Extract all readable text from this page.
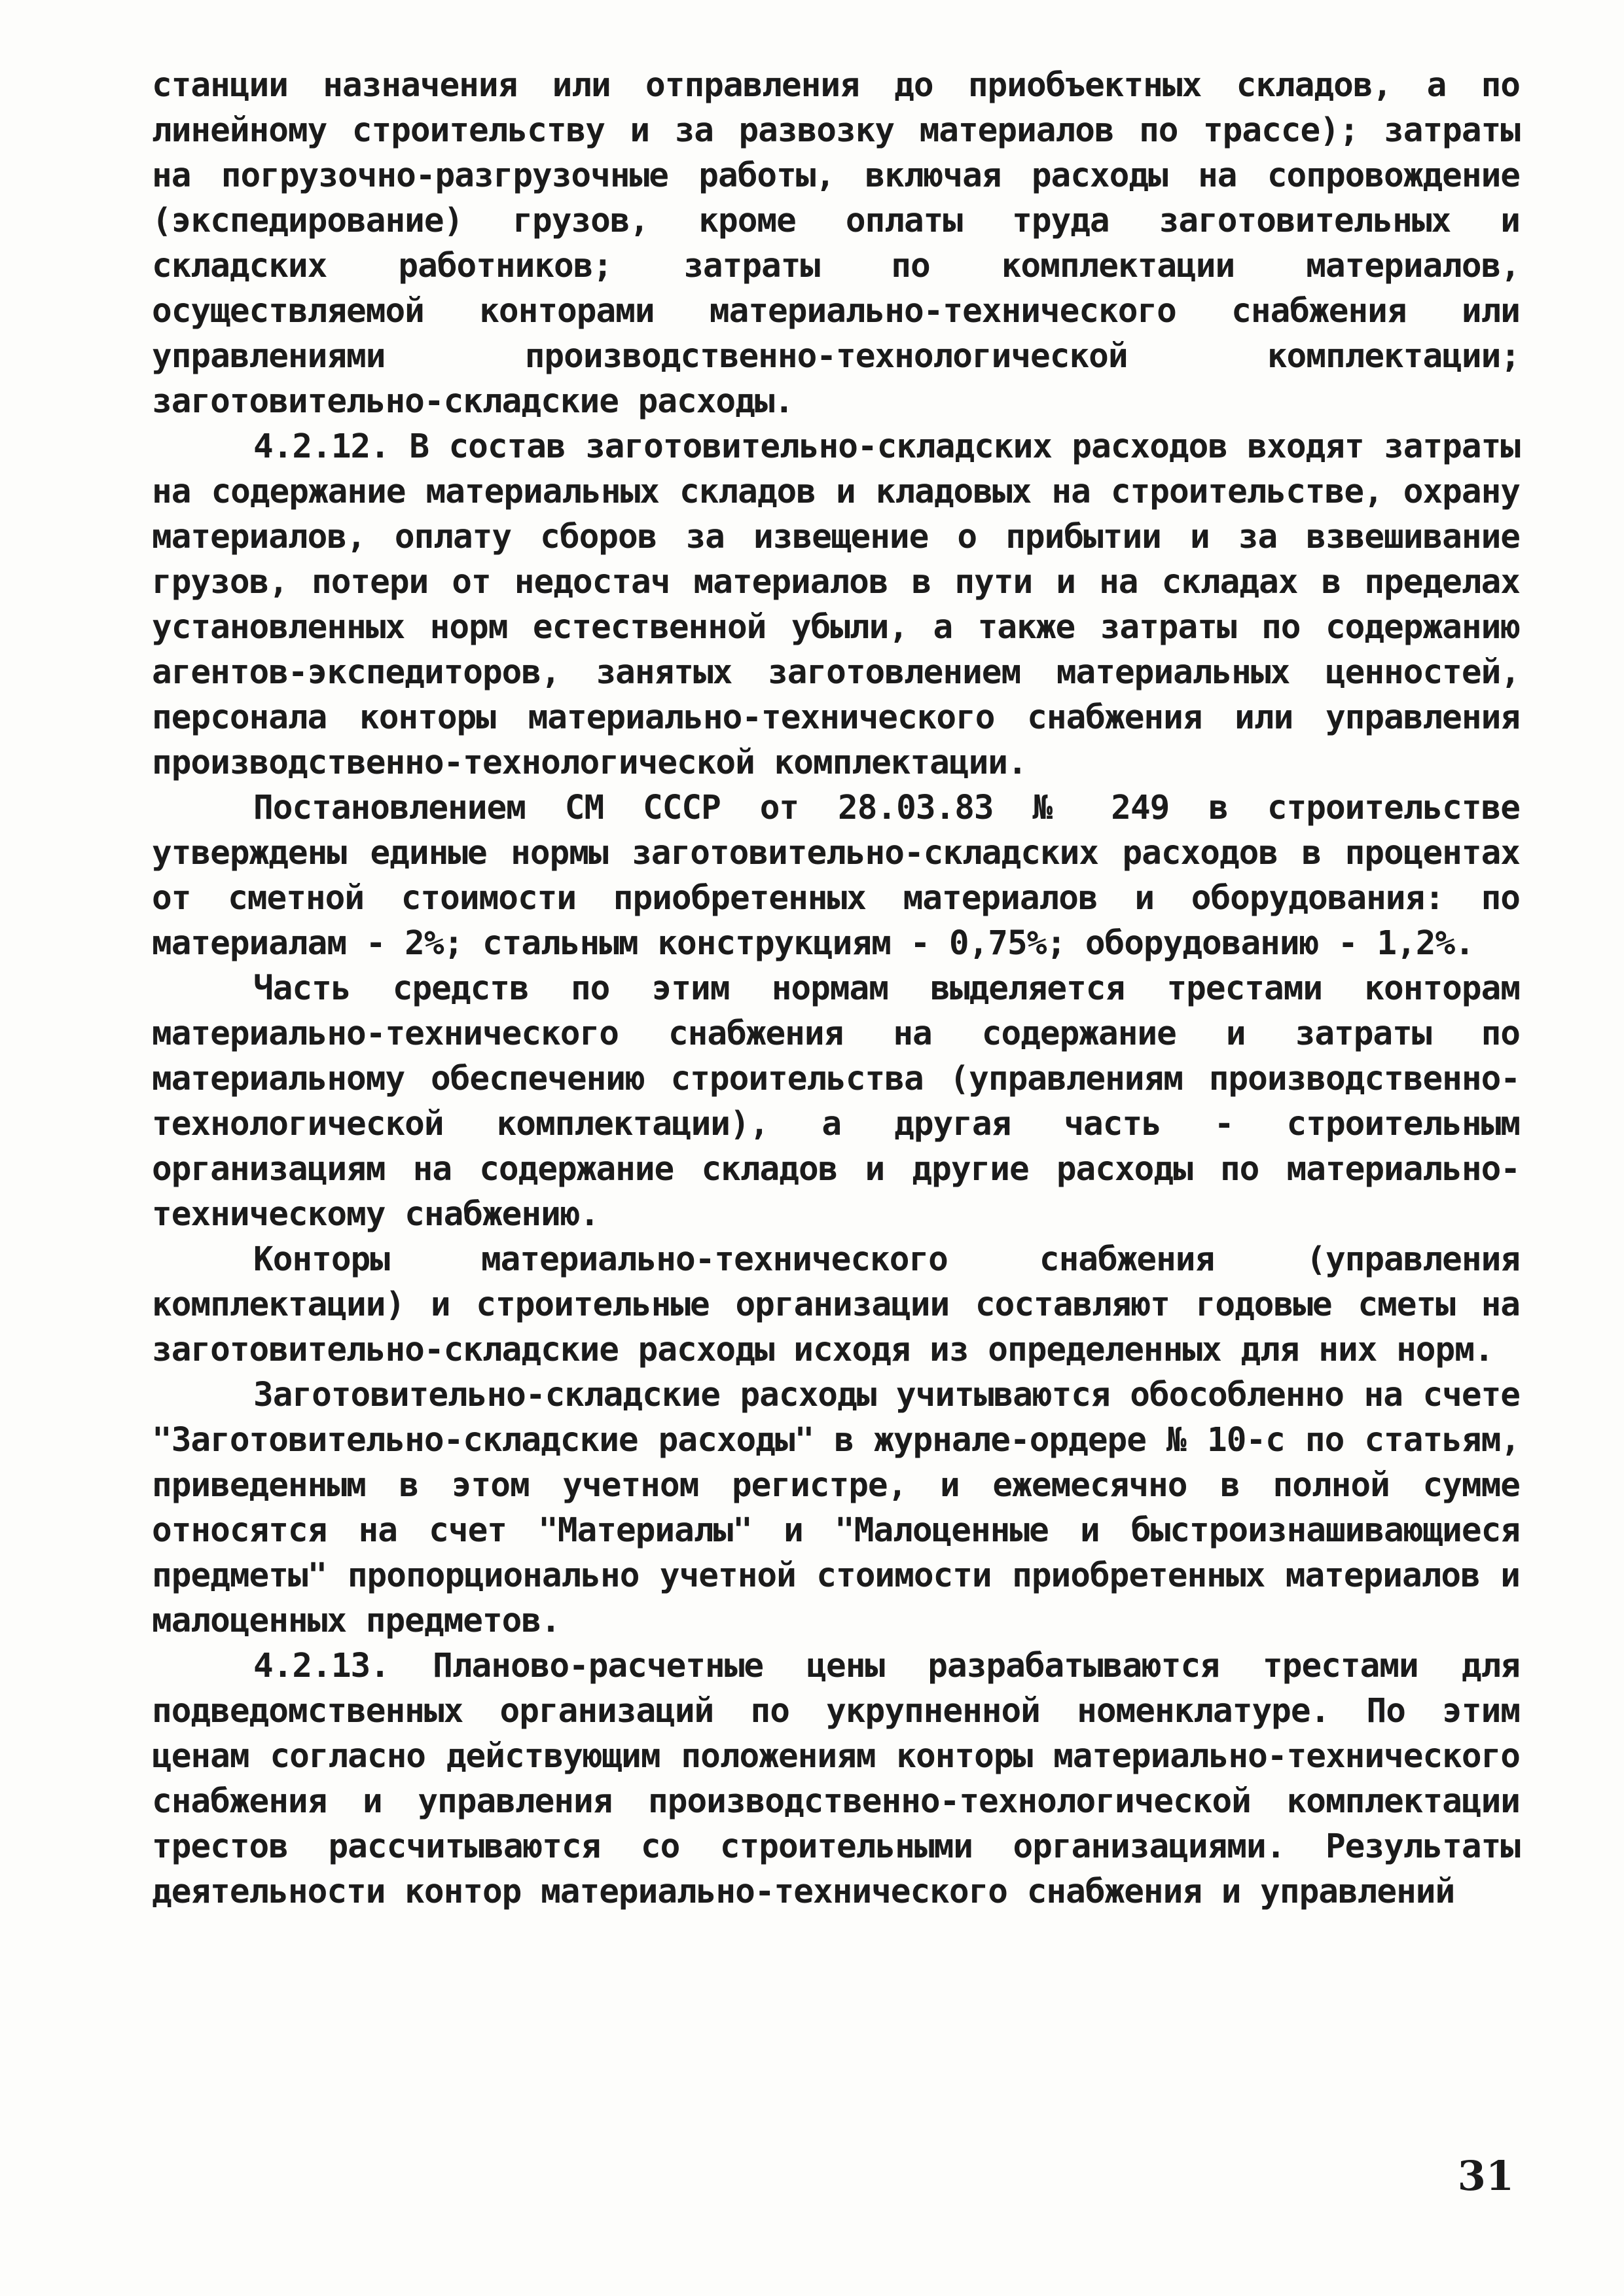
станции назначения или отправления до приобъектных складов, а по линейному строительству и за развозку материалов по трассе); затраты на погрузочно-разгрузочные работы, включая расходы на сопровождение (экспедирование) грузов, кроме оплаты труда заготовительных и складских работников; затраты по комплектации материалов, осуществляемой конторами материально-технического снабжения или управлениями производственно-технологической комплектации; заготовительно-складские расходы.

4.2.12. В состав заготовительно-складских расходов входят затраты на содержание материальных складов и кладовых на строительстве, охрану материалов, оплату сборов за извещение о прибытии и за взвешивание грузов, потери от недостач материалов в пути и на складах в пределах установленных норм естественной убыли, а также затраты по содержанию агентов-экспедиторов, занятых заготовлением материальных ценностей, персонала конторы материально-технического снабжения или управления производственно-технологической комплектации.

Постановлением СМ СССР от 28.03.83 № 249 в строительстве утверждены единые нормы заготовительно-складских расходов в процентах от сметной стоимости приобретенных материалов и оборудования: по материалам - 2%; стальным конструкциям - 0,75%; оборудованию - 1,2%.

Часть средств по этим нормам выделяется трестами конторам материально-технического снабжения на содержание и затраты по материальному обеспечению строительства (управлениям производственно-технологической комплектации), а другая часть - строительным организациям на содержание складов и другие расходы по материально-техническому снабжению.

Конторы материально-технического снабжения (управления комплектации) и строительные организации составляют годовые сметы на заготовительно-складские расходы исходя из определенных для них норм.

Заготовительно-складские расходы учитываются обособленно на счете "Заготовительно-складские расходы" в журнале-ордере № 10-с по статьям, приведенным в этом учетном регистре, и ежемесячно в полной сумме относятся на счет "Материалы" и "Малоценные и быстроизнашивающиеся предметы" пропорционально учетной стоимости приобретенных материалов и малоценных предметов.

4.2.13. Планово-расчетные цены разрабатываются трестами для подведомственных организаций по укрупненной номенклатуре. По этим ценам согласно действующим положениям конторы материально-технического снабжения и управления производственно-технологической комплектации трестов рассчитываются со строительными организациями. Результаты деятельности контор материально-технического снабжения и управлений

31
